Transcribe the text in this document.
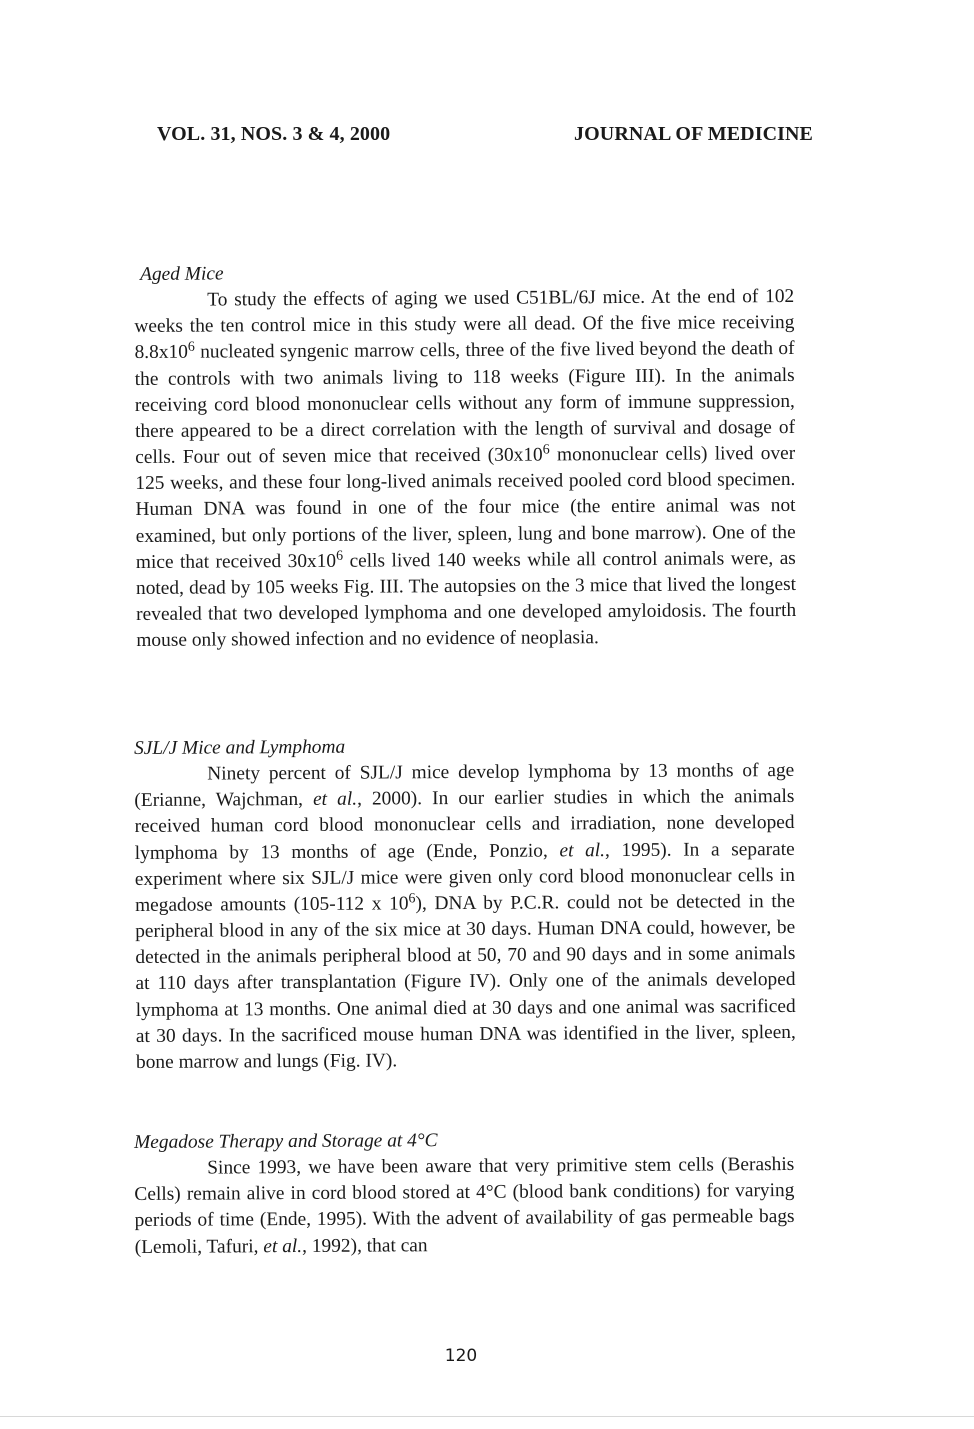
VOL. 31, NOS. 3 & 4, 2000	JOURNAL OF MEDICINE

Aged Mice

To study the effects of aging we used C51BL/6J mice. At the end of 102 weeks the ten control mice in this study were all dead. Of the five mice receiving $8.8x10^6$ nucleated syngenic marrow cells, three of the five lived beyond the death of the controls with two animals living to 118 weeks (Figure III). In the animals receiving cord blood mononuclear cells without any form of immune suppression, there appeared to be a direct correlation with the length of survival and dosage of cells. Four out of seven mice that received ($30x10^6$ mononuclear cells) lived over 125 weeks, and these four long-lived animals received pooled cord blood specimen. Human DNA was found in one of the four mice (the entire animal was not examined, but only portions of the liver, spleen, lung and bone marrow). One of the mice that received $30x10^6$ cells lived 140 weeks while all control animals were, as noted, dead by 105 weeks Fig. III. The autopsies on the 3 mice that lived the longest revealed that two developed lymphoma and one developed amyloidosis. The fourth mouse only showed infection and no evidence of neoplasia.

SJL/J Mice and Lymphoma

Ninety percent of SJL/J mice develop lymphoma by 13 months of age (Erianne, Wajchman, et al., 2000). In our earlier studies in which the animals received human cord blood mononuclear cells and irradiation, none developed lymphoma by 13 months of age (Ende, Ponzio, et al., 1995). In a separate experiment where six SJL/J mice were given only cord blood mononuclear cells in megadose amounts (105-112 x $10^6$), DNA by P.C.R. could not be detected in the peripheral blood in any of the six mice at 30 days. Human DNA could, however, be detected in the animals peripheral blood at 50, 70 and 90 days and in some animals at 110 days after transplantation (Figure IV). Only one of the animals developed lymphoma at 13 months. One animal died at 30 days and one animal was sacrificed at 30 days. In the sacrificed mouse human DNA was identified in the liver, spleen, bone marrow and lungs (Fig. IV).

Megadose Therapy and Storage at 4°C

Since 1993, we have been aware that very primitive stem cells (Berashis Cells) remain alive in cord blood stored at 4°C (blood bank conditions) for varying periods of time (Ende, 1995). With the advent of availability of gas permeable bags (Lemoli, Tafuri, et al., 1992), that can

120
